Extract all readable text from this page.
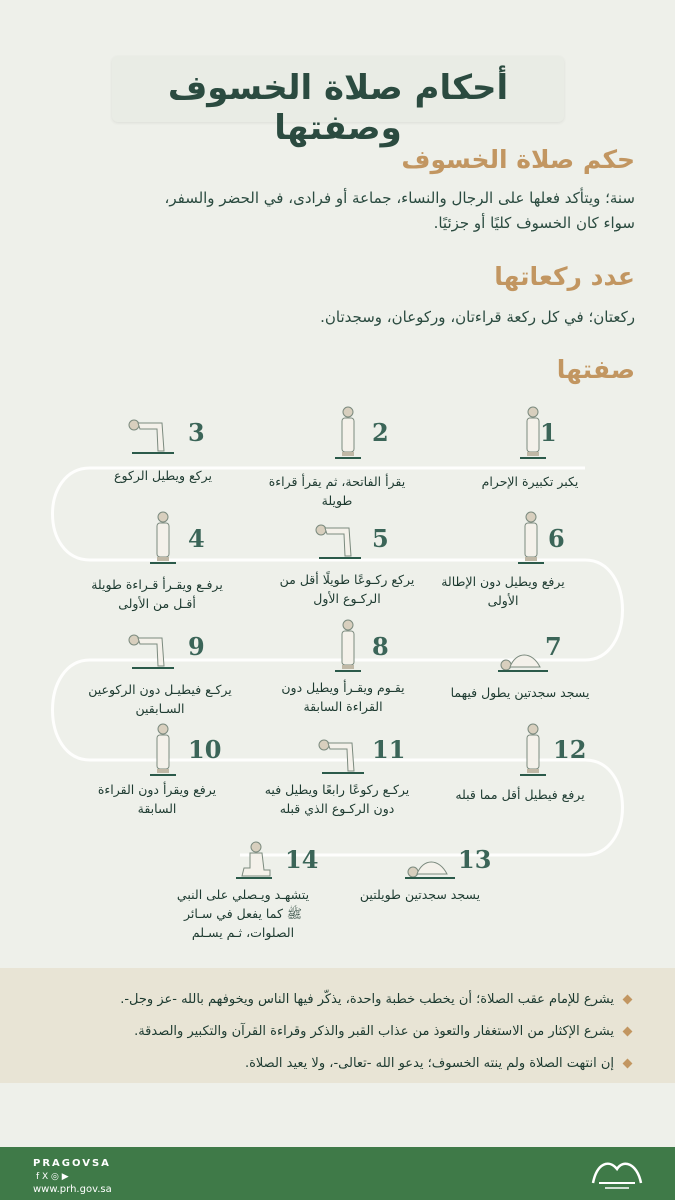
أحكام صلاة الخسوف وصفتها
حكم صلاة الخسوف
سنة؛ ويتأكد فعلها على الرجال والنساء، جماعة أو فرادى، في الحضر والسفر،
سواء كان الخسوف كليًا أو جزئيًا.
عدد ركعاتها
ركعتان؛ في كل ركعة قراءتان، وركوعان، وسجدتان.
صفتها
1
يكبر تكبيرة الإحرام
2
يقرأ الفاتحة، ثم يقرأ قراءة طويلة
3
يركع ويطيل الركوع
4
يرفـع ويقـرأ قـراءة طويلة أقـل من الأولى
5
يركع ركـوعًا طويلًا أقل من الركـوع الأول
6
يرفع ويطيل دون الإطالة الأولى
7
يسجد سجدتين يطول فيهما
8
يقـوم ويقـرأ ويطيل دون القراءة السابقة
9
يركـع فيطيـل دون الركوعين السـابقين
10
يرفع ويقرأ دون القراءة السابقة
11
يركـع ركوعًا رابعًا ويطيل فيه دون الركـوع الذي قبله
12
يرفع فيطيل أقل مما قبله
13
يسجد سجدتين طويلتين
14
يتشهـد ويـصلي على النبي ﷺ كما يفعل في سـائر الصلوات، ثـم يسـلم
يشرع للإمام عقب الصلاة؛ أن يخطب خطبة واحدة، يذكّر فيها الناس ويخوفهم بالله -عز وجل-.
يشرع الإكثار من الاستغفار والتعوذ من عذاب القبر والذكر وقراءة القرآن والتكبير والصدقة.
إن انتهت الصلاة ولم ينته الخسوف؛ يدعو الله -تعالى-، ولا يعيد الصلاة.
PRAGOVSA
f X ◎ ▶
www.prh.gov.sa
